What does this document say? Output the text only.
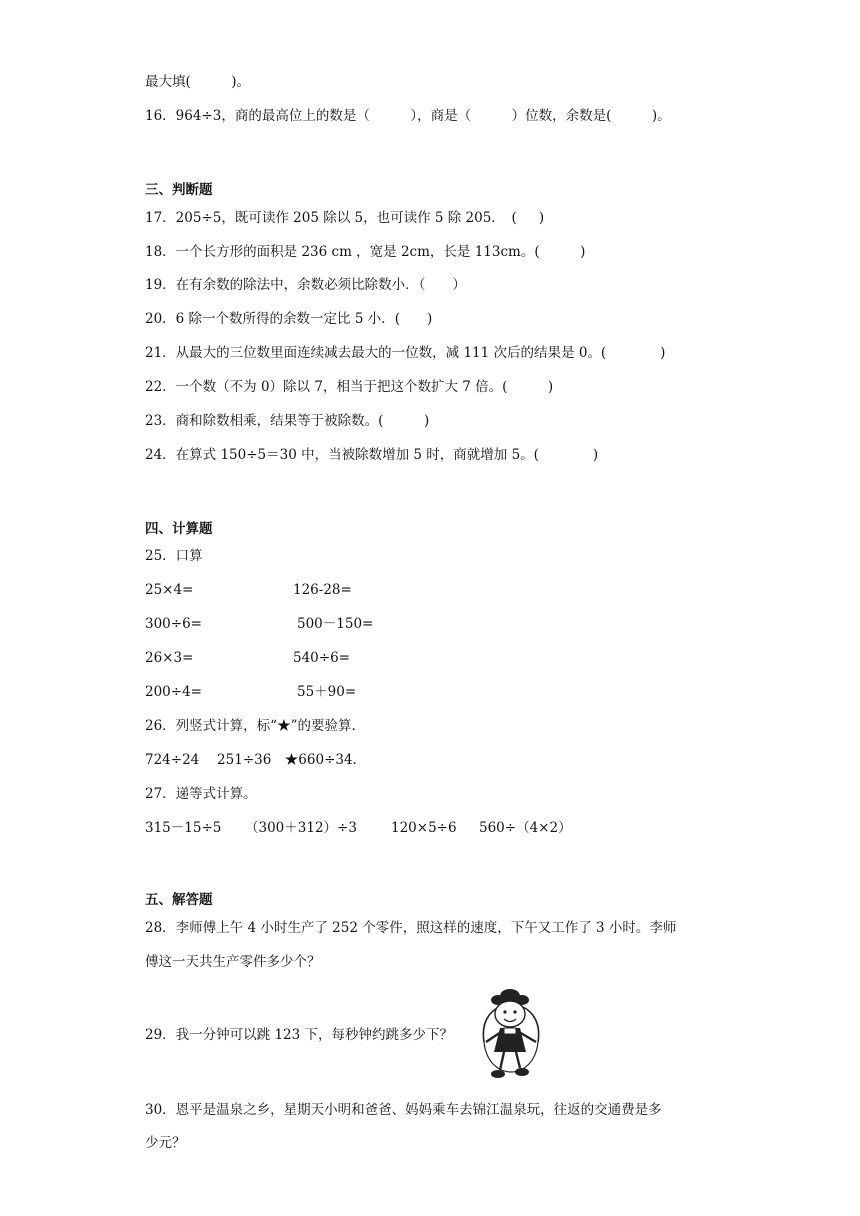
最大填(　　　)。
16．964÷3，商的最高位上的数是（　　　），商是（　　　）位数，余数是(　　　)。
三、判断题
17．205÷5，既可读作 205 除以 5，也可读作 5 除 205．　( 　 )
18．一个长方形的面积是 236 cm ，宽是 2cm，长是 113cm。(　　　)
19．在有余数的除法中，余数必须比除数小．（　　）
20．6 除一个数所得的余数一定比 5 小．(　　)
21．从最大的三位数里面连续减去最大的一位数，减 111 次后的结果是 0。(　　　　)
22．一个数（不为 0）除以 7，相当于把这个数扩大 7 倍。(　　　)
23．商和除数相乘，结果等于被除数。(　　　)
24．在算式 150÷5＝30 中，当被除数增加 5 时，商就增加 5。(　　　　)
四、计算题
25．口算
25×4=	126-28=
300÷6=	500－150=
26×3=	540÷6=
200÷4=	55＋90=
26．列竖式计算，标“★”的要验算.
724÷24　 251÷36　★660÷34.
27．递等式计算。
315－15÷5 （300＋312）÷3	120×5÷6 560÷（4×2）
五、解答题
28．李师傅上午 4 小时生产了 252 个零件，照这样的速度，下午又工作了 3 小时。李师
傅这一天共生产零件多少个？
29．我一分钟可以跳 123 下，每秒钟约跳多少下？
30．恩平是温泉之乡，星期天小明和爸爸、妈妈乘车去锦江温泉玩，往返的交通费是多
少元？
